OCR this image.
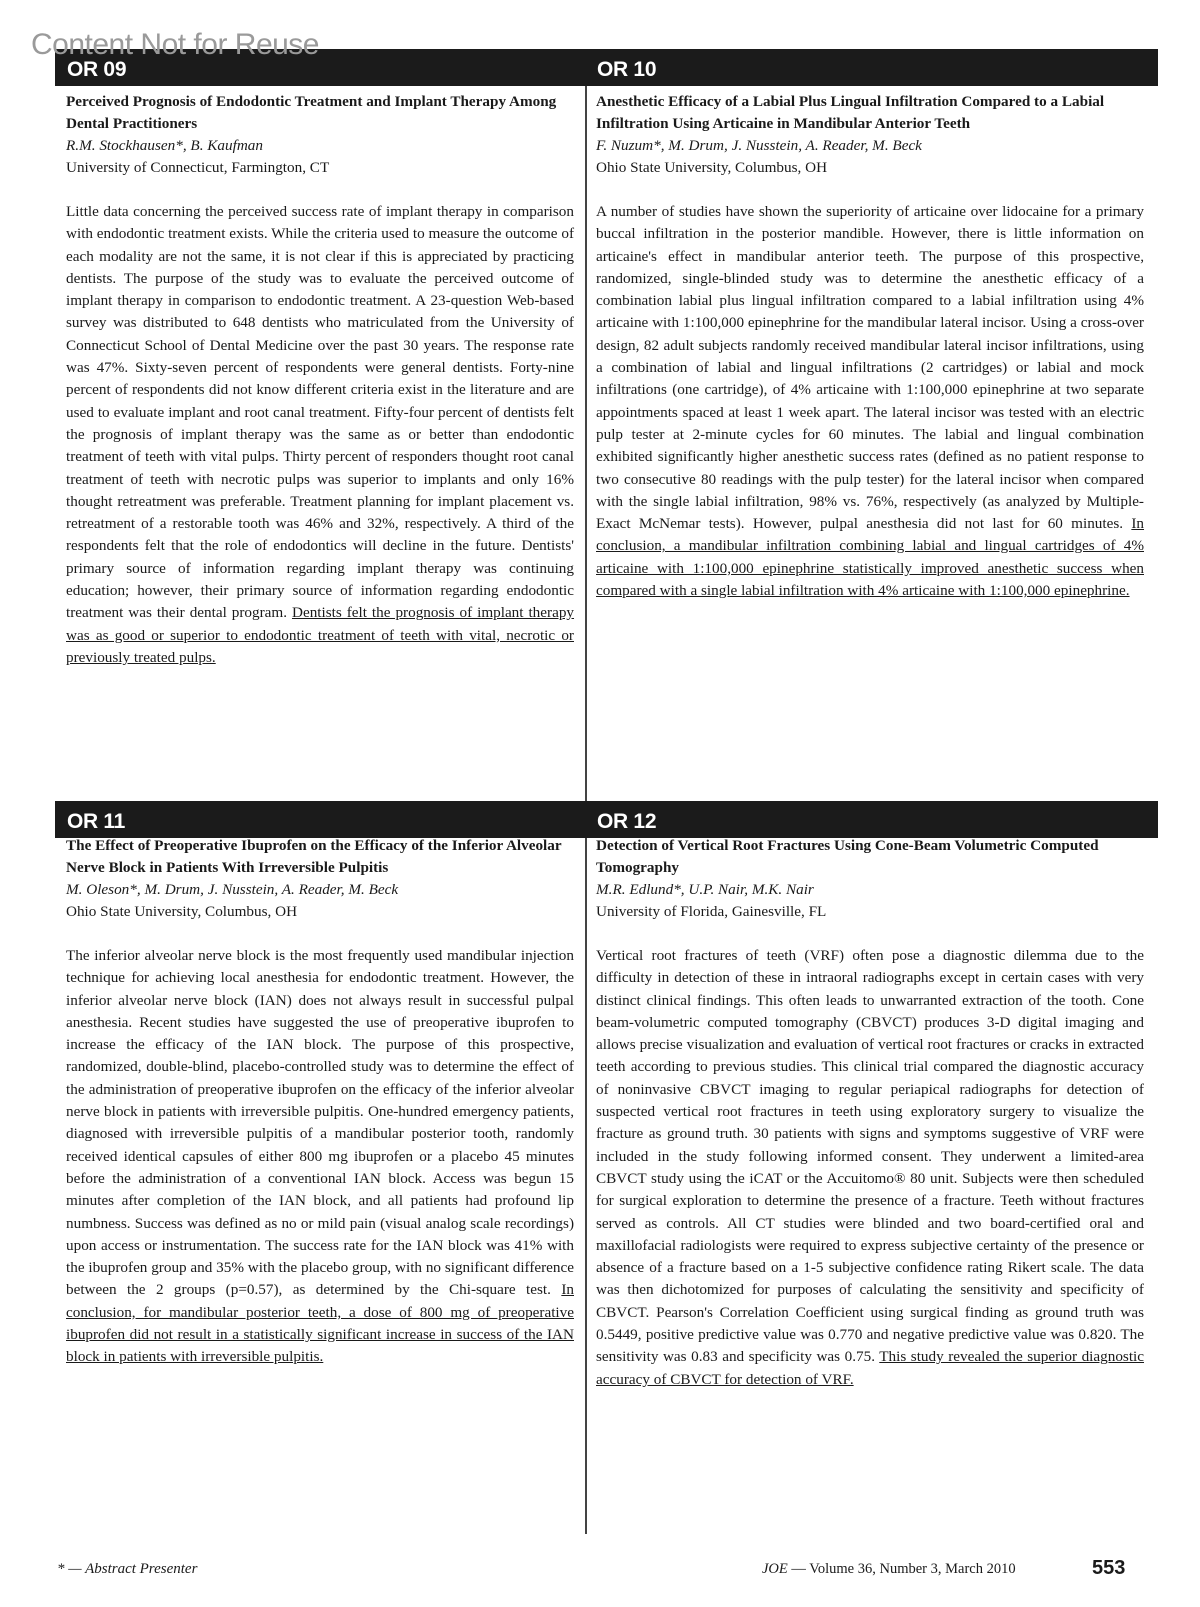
Content Not for Reuse
OR 09	OR 10
OR 11	OR 12

Perceived Prognosis of Endodontic Treatment and Implant Therapy Among Dental Practitioners

R.M. Stockhausen*, B. Kaufman

University of Connecticut, Farmington, CT

Little data concerning the perceived success rate of implant therapy in comparison with endodontic treatment exists. While the criteria used to measure the outcome of each modality are not the same, it is not clear if this is appreciated by practicing dentists. The purpose of the study was to evaluate the perceived outcome of implant therapy in comparison to endodontic treatment. A 23-question Web-based survey was distributed to 648 dentists who matriculated from the University of Connecticut School of Dental Medicine over the past 30 years. The response rate was 47%. Sixty-seven percent of respondents were general dentists. Forty-nine percent of respondents did not know different criteria exist in the literature and are used to evaluate implant and root canal treatment. Fifty-four percent of dentists felt the prognosis of implant therapy was the same as or better than endodontic treatment of teeth with vital pulps. Thirty percent of responders thought root canal treatment of teeth with necrotic pulps was superior to implants and only 16% thought retreatment was preferable. Treatment planning for implant placement vs. retreatment of a restorable tooth was 46% and 32%, respectively. A third of the respondents felt that the role of endodontics will decline in the future. Dentists' primary source of information regarding implant therapy was continuing education; however, their primary source of information regarding endodontic treatment was their dental program. Dentists felt the prognosis of implant therapy was as good or superior to endodontic treatment of teeth with vital, necrotic or previously treated pulps.

Anesthetic Efficacy of a Labial Plus Lingual Infiltration Compared to a Labial Infiltration Using Articaine in Mandibular Anterior Teeth

F. Nuzum*, M. Drum, J. Nusstein, A. Reader, M. Beck

Ohio State University, Columbus, OH

A number of studies have shown the superiority of articaine over lidocaine for a primary buccal infiltration in the posterior mandible. However, there is little information on articaine's effect in mandibular anterior teeth. The purpose of this prospective, randomized, single-blinded study was to determine the anesthetic efficacy of a combination labial plus lingual infiltration compared to a labial infiltration using 4% articaine with 1:100,000 epinephrine for the mandibular lateral incisor. Using a cross-over design, 82 adult subjects randomly received mandibular lateral incisor infiltrations, using a combination of labial and lingual infiltrations (2 cartridges) or labial and mock infiltrations (one cartridge), of 4% articaine with 1:100,000 epinephrine at two separate appointments spaced at least 1 week apart. The lateral incisor was tested with an electric pulp tester at 2-minute cycles for 60 minutes. The labial and lingual combination exhibited significantly higher anesthetic success rates (defined as no patient response to two consecutive 80 readings with the pulp tester) for the lateral incisor when compared with the single labial infiltration, 98% vs. 76%, respectively (as analyzed by Multiple-Exact McNemar tests). However, pulpal anesthesia did not last for 60 minutes. In conclusion, a mandibular infiltration combining labial and lingual cartridges of 4% articaine with 1:100,000 epinephrine statistically improved anesthetic success when compared with a single labial infiltration with 4% articaine with 1:100,000 epinephrine.

The Effect of Preoperative Ibuprofen on the Efficacy of the Inferior Alveolar Nerve Block in Patients With Irreversible Pulpitis

M. Oleson*, M. Drum, J. Nusstein, A. Reader, M. Beck

Ohio State University, Columbus, OH

The inferior alveolar nerve block is the most frequently used mandibular injection technique for achieving local anesthesia for endodontic treatment. However, the inferior alveolar nerve block (IAN) does not always result in successful pulpal anesthesia. Recent studies have suggested the use of preoperative ibuprofen to increase the efficacy of the IAN block. The purpose of this prospective, randomized, double-blind, placebo-controlled study was to determine the effect of the administration of preoperative ibuprofen on the efficacy of the inferior alveolar nerve block in patients with irreversible pulpitis. One-hundred emergency patients, diagnosed with irreversible pulpitis of a mandibular posterior tooth, randomly received identical capsules of either 800 mg ibuprofen or a placebo 45 minutes before the administration of a conventional IAN block. Access was begun 15 minutes after completion of the IAN block, and all patients had profound lip numbness. Success was defined as no or mild pain (visual analog scale recordings) upon access or instrumentation. The success rate for the IAN block was 41% with the ibuprofen group and 35% with the placebo group, with no significant difference between the 2 groups (p=0.57), as determined by the Chi-square test. In conclusion, for mandibular posterior teeth, a dose of 800 mg of preoperative ibuprofen did not result in a statistically significant increase in success of the IAN block in patients with irreversible pulpitis.

Detection of Vertical Root Fractures Using Cone-Beam Volumetric Computed Tomography

M.R. Edlund*, U.P. Nair, M.K. Nair

University of Florida, Gainesville, FL

Vertical root fractures of teeth (VRF) often pose a diagnostic dilemma due to the difficulty in detection of these in intraoral radiographs except in certain cases with very distinct clinical findings. This often leads to unwarranted extraction of the tooth. Cone beam-volumetric computed tomography (CBVCT) produces 3-D digital imaging and allows precise visualization and evaluation of vertical root fractures or cracks in extracted teeth according to previous studies. This clinical trial compared the diagnostic accuracy of noninvasive CBVCT imaging to regular periapical radiographs for detection of suspected vertical root fractures in teeth using exploratory surgery to visualize the fracture as ground truth. 30 patients with signs and symptoms suggestive of VRF were included in the study following informed consent. They underwent a limited-area CBVCT study using the iCAT or the Accuitomo® 80 unit. Subjects were then scheduled for surgical exploration to determine the presence of a fracture. Teeth without fractures served as controls. All CT studies were blinded and two board-certified oral and maxillofacial radiologists were required to express subjective certainty of the presence or absence of a fracture based on a 1-5 subjective confidence rating Rikert scale. The data was then dichotomized for purposes of calculating the sensitivity and specificity of CBVCT. Pearson's Correlation Coefficient using surgical finding as ground truth was 0.5449, positive predictive value was 0.770 and negative predictive value was 0.820. The sensitivity was 0.83 and specificity was 0.75. This study revealed the superior diagnostic accuracy of CBVCT for detection of VRF.
* — Abstract Presenter	JOE — Volume 36, Number 3, March 2010	553
